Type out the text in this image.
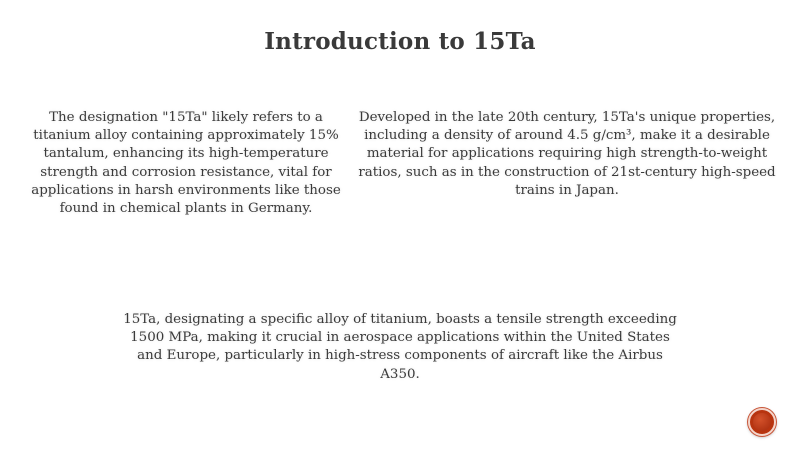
Introduction to 15Ta
The designation "15Ta" likely refers to a titanium alloy containing approximately 15% tantalum, enhancing its high-temperature strength and corrosion resistance, vital for applications in harsh environments like those found in chemical plants in Germany.
Developed in the late 20th century, 15Ta's unique properties, including a density of around 4.5 g/cm³, make it a desirable material for applications requiring high strength-to-weight ratios, such as in the construction of 21st-century high-speed trains in Japan.
15Ta, designating a specific alloy of titanium, boasts a tensile strength exceeding 1500 MPa, making it crucial in aerospace applications within the United States and Europe, particularly in high-stress components of aircraft like the Airbus A350.
